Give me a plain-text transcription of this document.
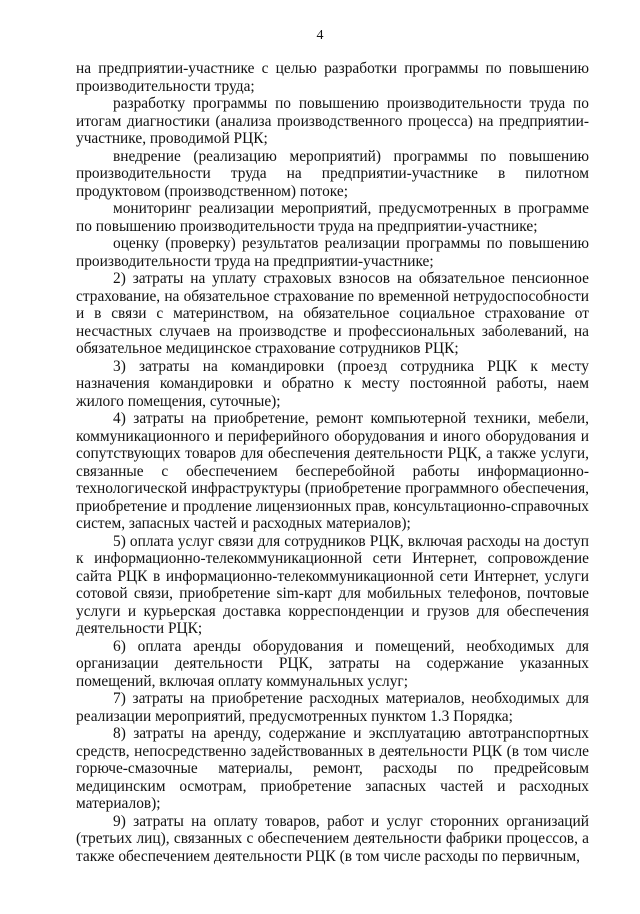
4

на предприятии-участнике с целью разработки программы по повышению производительности труда;

разработку программы по повышению производительности труда по итогам диагностики (анализа производственного процесса) на предприятии-участнике, проводимой РЦК;

внедрение (реализацию мероприятий) программы по повышению производительности труда на предприятии-участнике в пилотном продуктовом (производственном) потоке;

мониторинг реализации мероприятий, предусмотренных в программе по повышению производительности труда на предприятии-участнике;

оценку (проверку) результатов реализации программы по повышению производительности труда на предприятии-участнике;

2) затраты на уплату страховых взносов на обязательное пенсионное страхование, на обязательное страхование по временной нетрудоспособности и в связи с материнством, на обязательное социальное страхование от несчастных случаев на производстве и профессиональных заболеваний, на обязательное медицинское страхование сотрудников РЦК;

3) затраты на командировки (проезд сотрудника РЦК к месту назначения командировки и обратно к месту постоянной работы, наем жилого помещения, суточные);

4) затраты на приобретение, ремонт компьютерной техники, мебели, коммуникационного и периферийного оборудования и иного оборудования и сопутствующих товаров для обеспечения деятельности РЦК, а также услуги, связанные с обеспечением бесперебойной работы информационно-технологической инфраструктуры (приобретение программного обеспечения, приобретение и продление лицензионных прав, консультационно-справочных систем, запасных частей и расходных материалов);

5) оплата услуг связи для сотрудников РЦК, включая расходы на доступ к информационно-телекоммуникационной сети Интернет, сопровождение сайта РЦК в информационно-телекоммуникационной сети Интернет, услуги сотовой связи, приобретение sim-карт для мобильных телефонов, почтовые услуги и курьерская доставка корреспонденции и грузов для обеспечения деятельности РЦК;

6) оплата аренды оборудования и помещений, необходимых для организации деятельности РЦК, затраты на содержание указанных помещений, включая оплату коммунальных услуг;

7) затраты на приобретение расходных материалов, необходимых для реализации мероприятий, предусмотренных пунктом 1.3 Порядка;

8) затраты на аренду, содержание и эксплуатацию автотранспортных средств, непосредственно задействованных в деятельности РЦК (в том числе горюче-смазочные материалы, ремонт, расходы по предрейсовым медицинским осмотрам, приобретение запасных частей и расходных материалов);

9) затраты на оплату товаров, работ и услуг сторонних организаций (третьих лиц), связанных с обеспечением деятельности фабрики процессов, а также обеспечением деятельности РЦК (в том числе расходы по первичным,
